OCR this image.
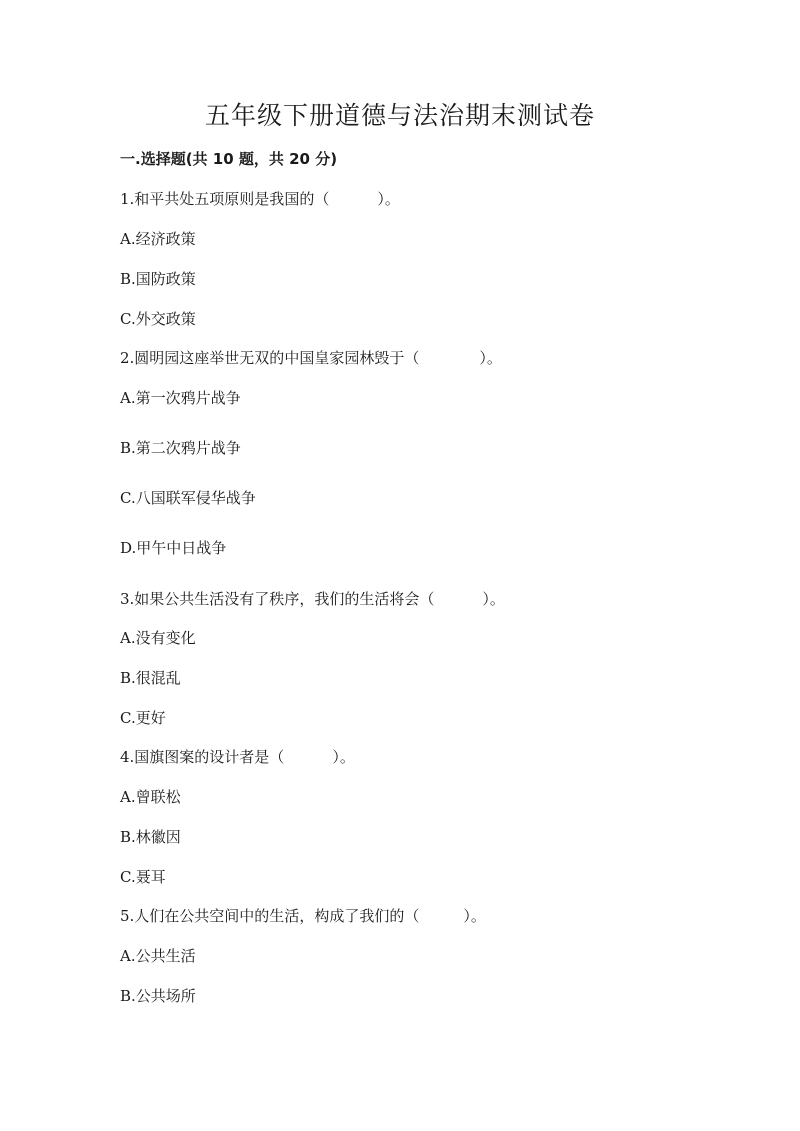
五年级下册道德与法治期末测试卷
一.选择题(共 10 题，共 20 分)
1.和平共处五项原则是我国的（	）。
A.经济政策
B.国防政策
C.外交政策
2.圆明园这座举世无双的中国皇家园林毁于（	）。
A.第一次鸦片战争
B.第二次鸦片战争
C.八国联军侵华战争
D.甲午中日战争
3.如果公共生活没有了秩序，我们的生活将会（	）。
A.没有变化
B.很混乱
C.更好
4.国旗图案的设计者是（	）。
A.曾联松
B.林徽因
C.聂耳
5.人们在公共空间中的生活，构成了我们的（	）。
A.公共生活
B.公共场所
